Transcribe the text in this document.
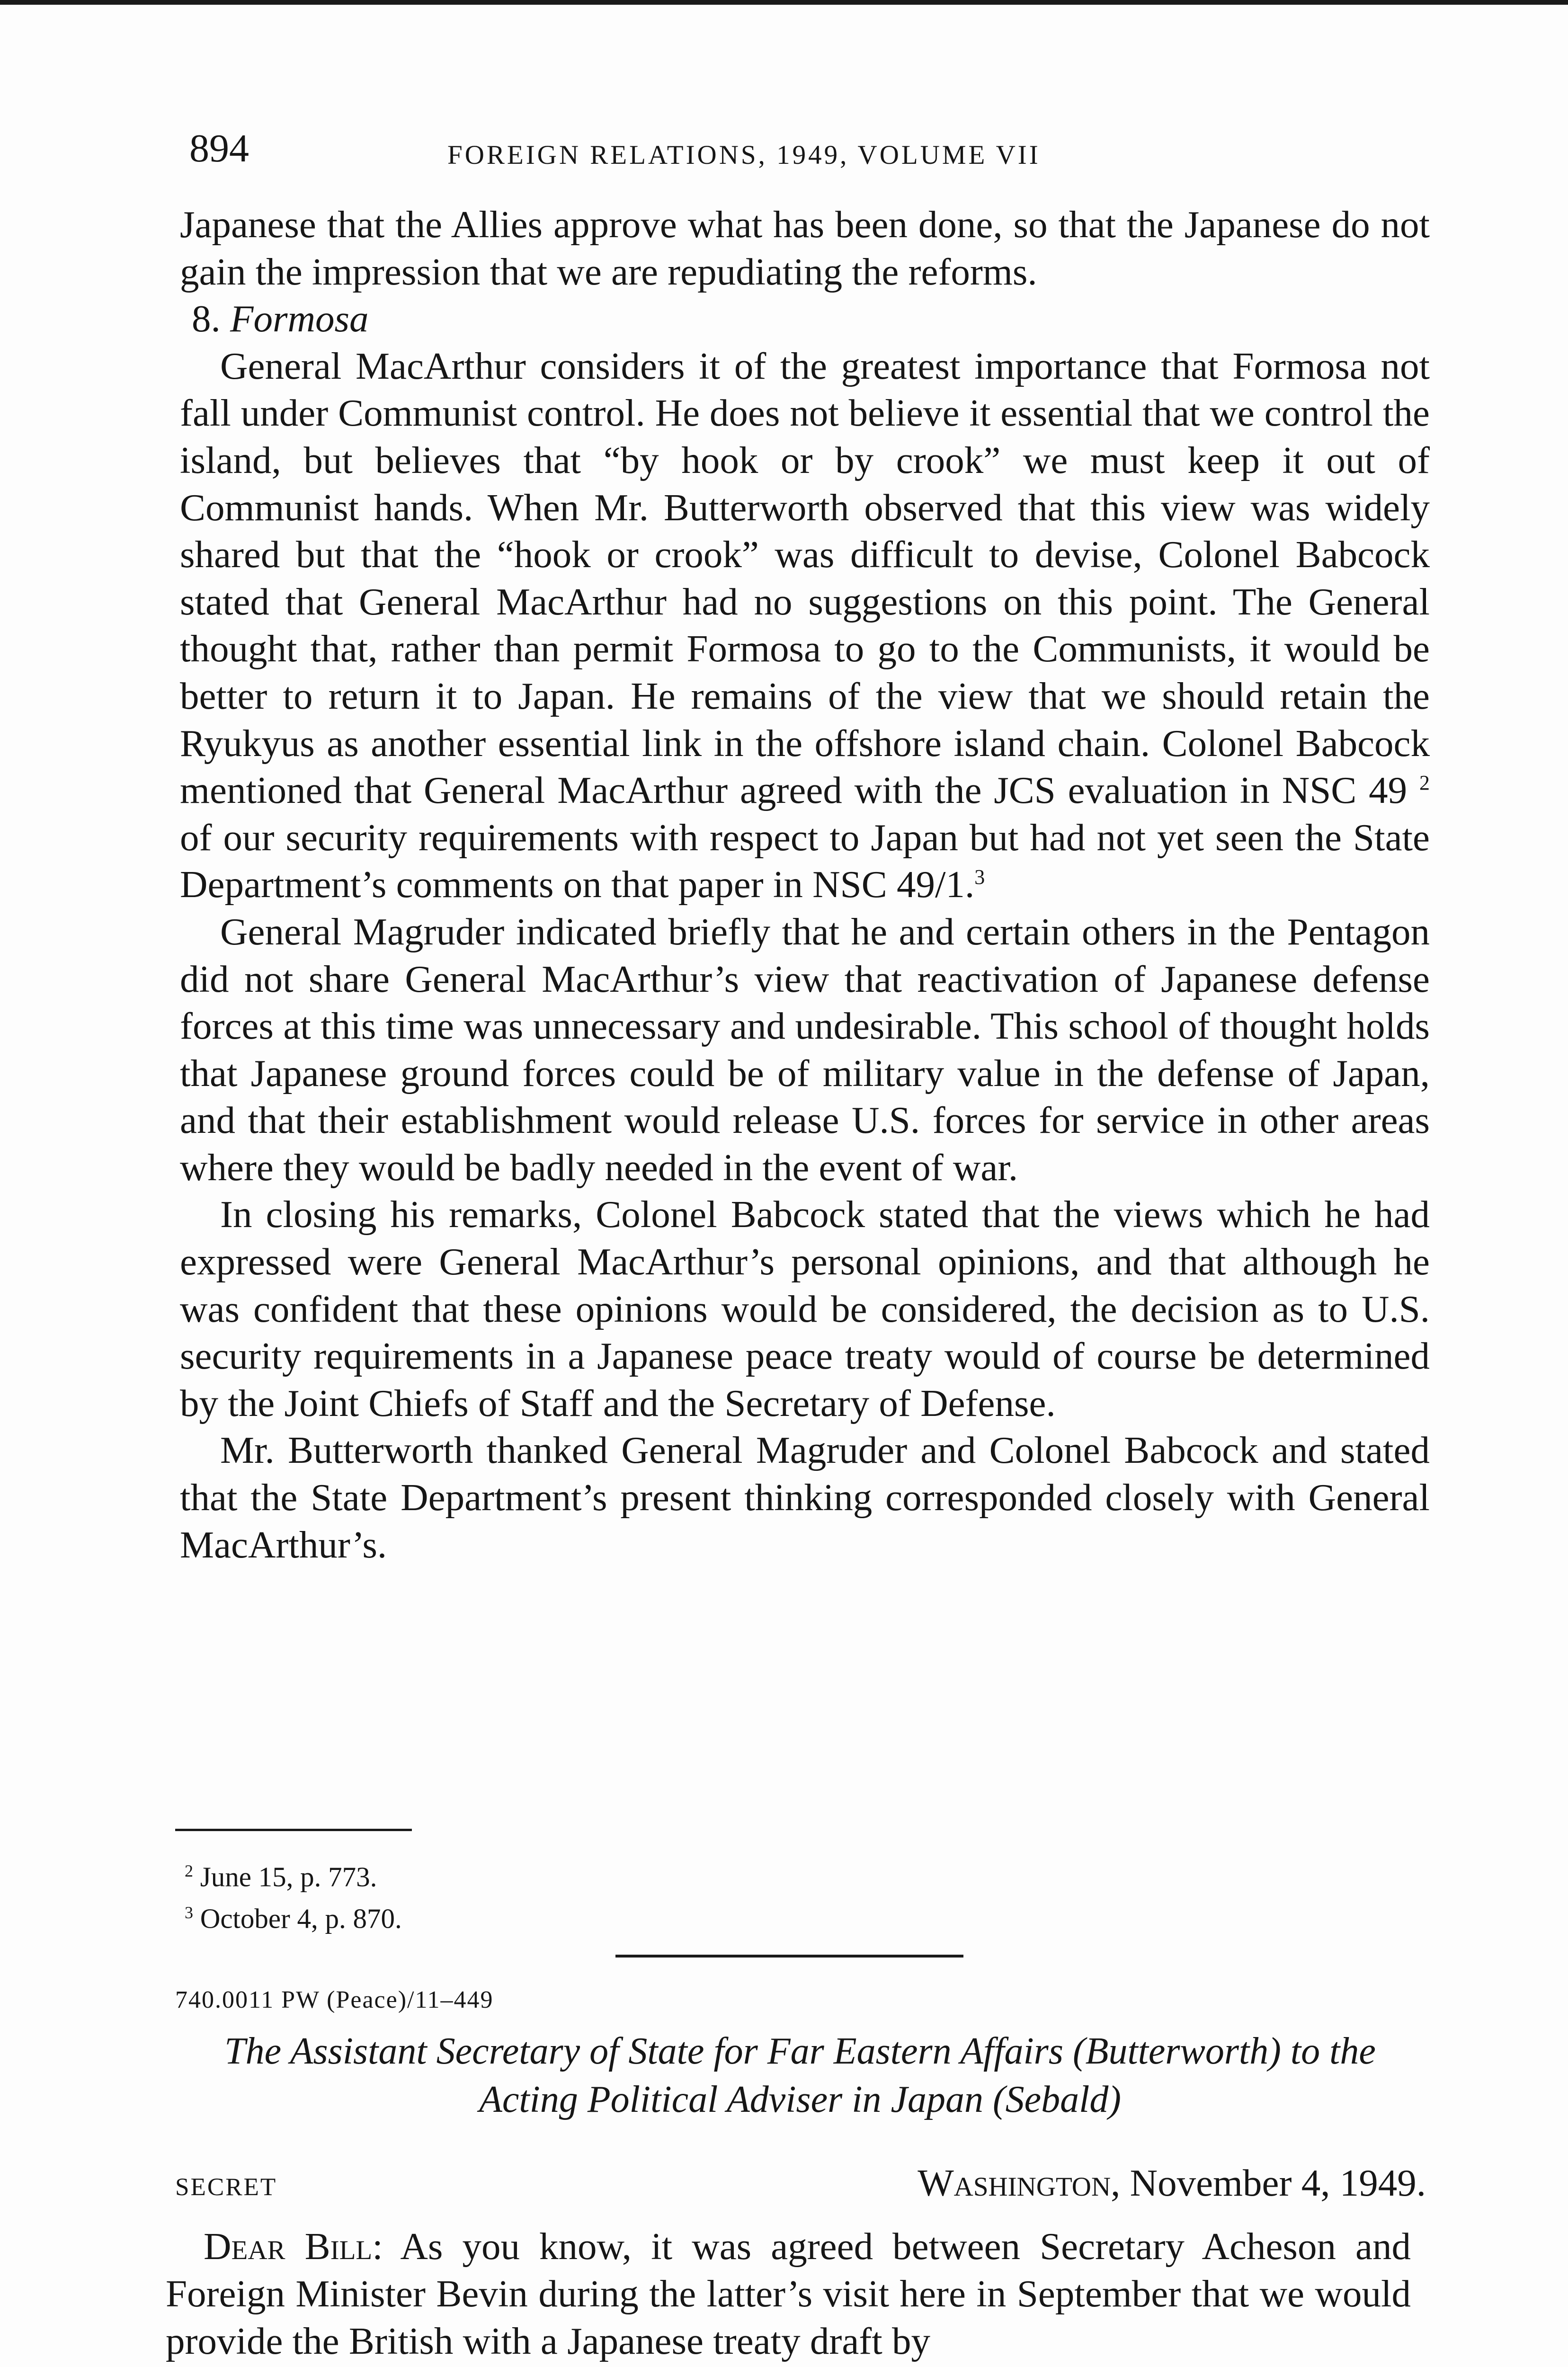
894	FOREIGN RELATIONS, 1949, VOLUME VII

Japanese that the Allies approve what has been done, so that the Japanese do not gain the impression that we are repudiating the reforms.

8. Formosa

General MacArthur considers it of the greatest importance that Formosa not fall under Communist control. He does not believe it essential that we control the island, but believes that “by hook or by crook” we must keep it out of Communist hands. When Mr. Butterworth observed that this view was widely shared but that the “hook or crook” was difficult to devise, Colonel Babcock stated that General MacArthur had no suggestions on this point. The General thought that, rather than permit Formosa to go to the Communists, it would be better to return it to Japan. He remains of the view that we should retain the Ryukyus as another essential link in the offshore island chain. Colonel Babcock mentioned that General MacArthur agreed with the JCS evaluation in NSC 49 $^2$ of our security requirements with respect to Japan but had not yet seen the State Department’s comments on that paper in NSC 49/1.$^3$

General Magruder indicated briefly that he and certain others in the Pentagon did not share General MacArthur’s view that reactivation of Japanese defense forces at this time was unnecessary and undesirable. This school of thought holds that Japanese ground forces could be of military value in the defense of Japan, and that their establishment would release U.S. forces for service in other areas where they would be badly needed in the event of war.

In closing his remarks, Colonel Babcock stated that the views which he had expressed were General MacArthur’s personal opinions, and that although he was confident that these opinions would be considered, the decision as to U.S. security requirements in a Japanese peace treaty would of course be determined by the Joint Chiefs of Staff and the Secretary of Defense.

Mr. Butterworth thanked General Magruder and Colonel Babcock and stated that the State Department’s present thinking corresponded closely with General MacArthur’s.

$^2$ June 15, p. 773.
$^3$ October 4, p. 870.
740.0011 PW (Peace)/11–449
The Assistant Secretary of State for Far Eastern Affairs (Butterworth) to the Acting Political Adviser in Japan (Sebald)
SECRET	Washington, November 4, 1949.

Dear Bill: As you know, it was agreed between Secretary Acheson and Foreign Minister Bevin during the latter’s visit here in September that we would provide the British with a Japanese treaty draft by
